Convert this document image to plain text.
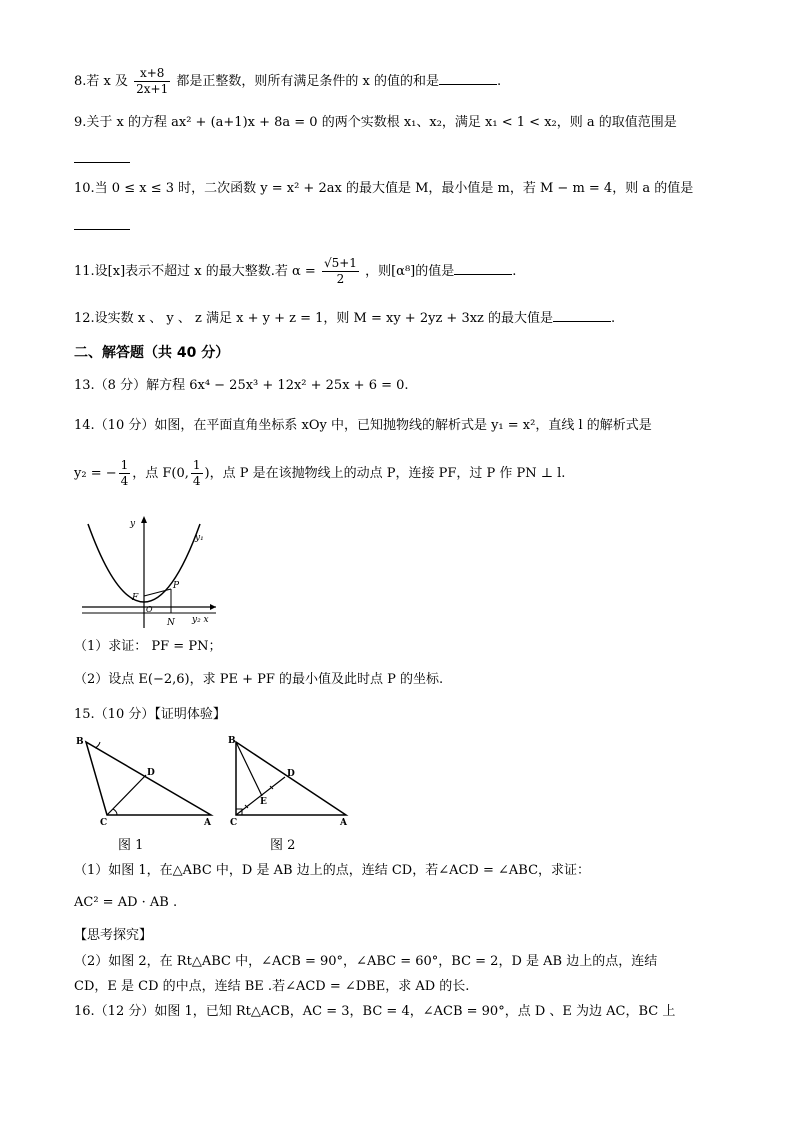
8.若 x 及 $\frac{x+8}{2x+1}$ 都是正整数，则所有满足条件的 x 的值的和是	.
9.关于 x 的方程 ax² + (a+1)x + 8a = 0 的两个实数根 x₁、x₂，满足 x₁ < 1 < x₂，则 a 的取值范围是
10.当 0 ≤ x ≤ 3 时，二次函数 y = x² + 2ax 的最大值是 M，最小值是 m，若 M − m = 4，则 a 的值是
11.设[x]表示不超过 x 的最大整数.若 $\alpha = \frac{√5+1}{2}$ ，则[α⁸]的值是	.
12.设实数 x 、 y 、 z 满足 x + y + z = 1，则 M = xy + 2yz + 3xz 的最大值是	.
二、解答题（共 40 分）
13.（8 分）解方程 6x⁴ − 25x³ + 12x² + 25x + 6 = 0.
14.（10 分）如图，在平面直角坐标系 xOy 中，已知抛物线的解析式是 y₁ = x²，直线 l 的解析式是
y₂ = − $\frac{1}{4}$ ，点 F(0, $\frac{1}{4}$ )，点 P 是在该抛物线上的动点 P，连接 PF，过 P 作 PN ⊥ l.
y
y₁
F
O
P
N y₂ x
（1）求证： PF = PN；
（2）设点 E(−2,6)，求 PE + PF 的最小值及此时点 P 的坐标.
15.（10 分）【证明体验】
B
D
C	A
B
D
E
C	A
图 1	图 2
（1）如图 1，在△ABC 中，D 是 AB 边上的点，连结 CD，若∠ACD = ∠ABC，求证：
AC² = AD · AB .
【思考探究】
（2）如图 2，在 Rt△ABC 中，∠ACB = 90°，∠ABC = 60°，BC = 2，D 是 AB 边上的点，连结
CD，E 是 CD 的中点，连结 BE .若∠ACD = ∠DBE，求 AD 的长.
16.（12 分）如图 1，已知 Rt△ACB，AC = 3，BC = 4，∠ACB = 90°，点 D 、E 为边 AC，BC 上
